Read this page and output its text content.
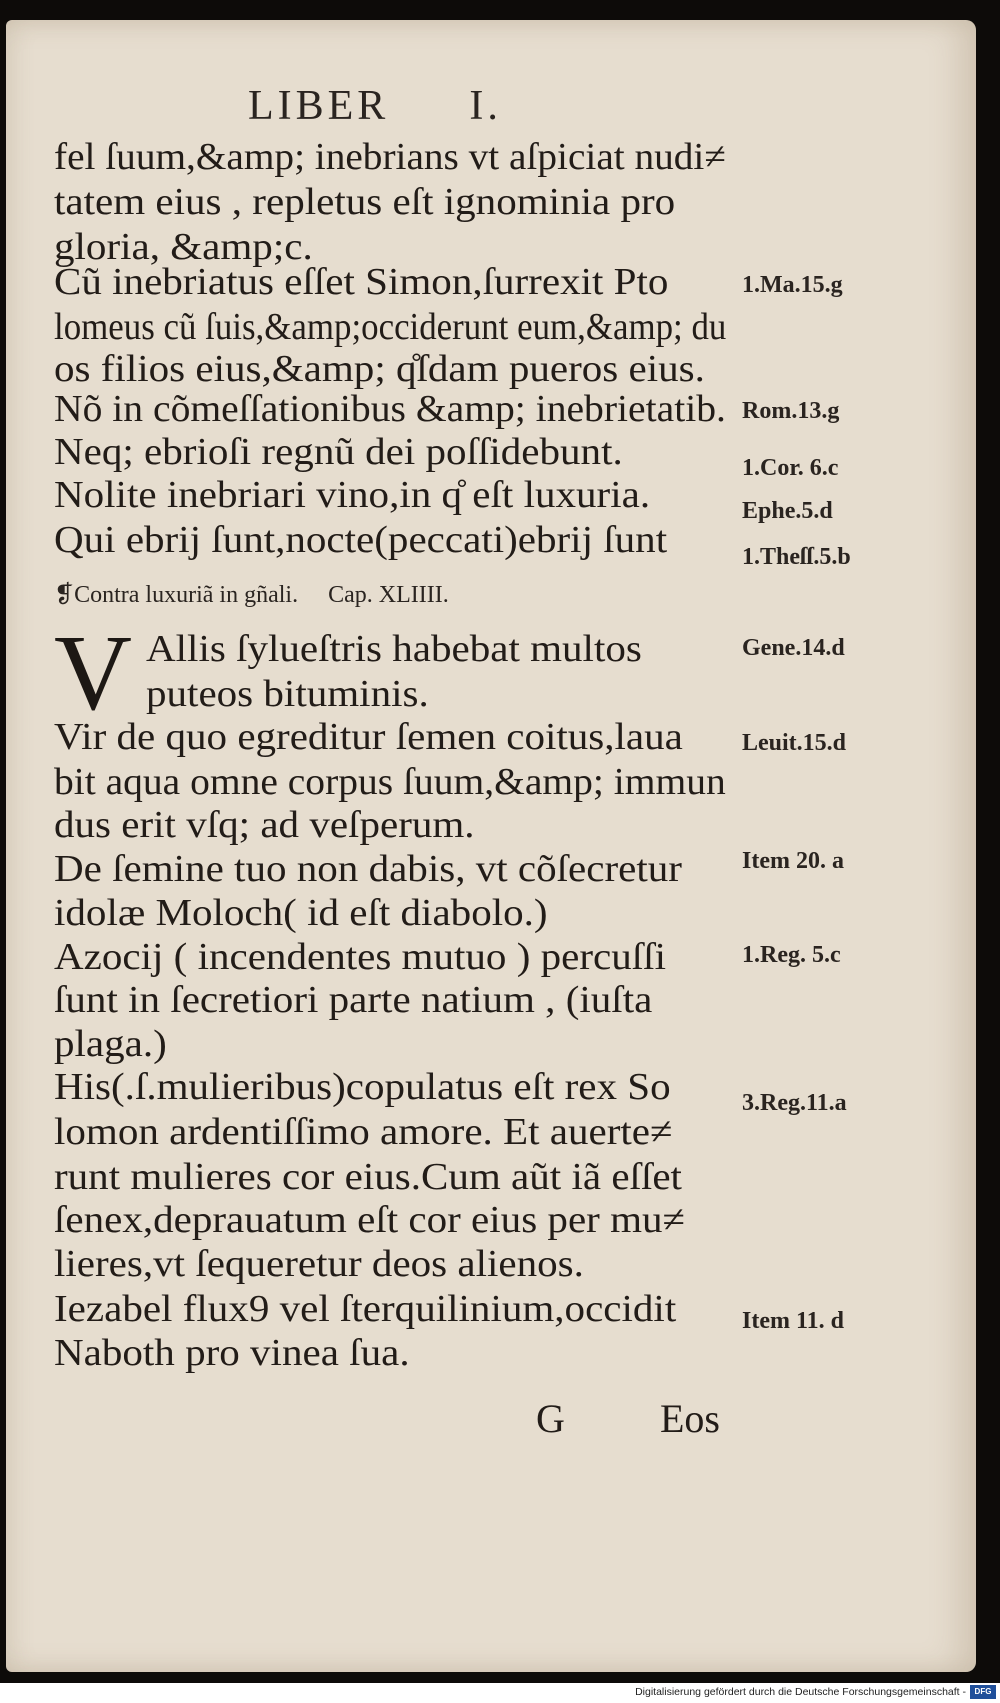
LIBER I.
fel ſuum,&amp; inebrians vt aſpiciat nudi≠
tatem eius , repletus eſt ignominia pro
gloria, &amp;c.
Cũ inebriatus eſſet Simon,ſurrexit Pto
lomeus cũ ſuis,&amp;occiderunt eum,&amp; du
os filios eius,&amp; q̊ſdam pueros eius.
Nõ in cõmeſſationibus &amp; inebrietatib.
Neq; ebrioſi regnũ dei poſſidebunt.
Nolite inebriari vino,in q̊ eſt luxuria.
Qui ebrij ſunt,nocte(peccati)ebrij ſunt
❡Contra luxuriã in gñali. Cap. XLIIII.
V Allis ſylueſtris habebat multos
puteos bituminis.
Vir de quo egreditur ſemen coitus,laua
bit aqua omne corpus ſuum,&amp; immun
dus erit vſq; ad veſperum.
De ſemine tuo non dabis, vt cõſecretur
idolæ Moloch( id eſt diabolo.)
Azocij ( incendentes mutuo ) percuſſi
ſunt in ſecretiori parte natium , (iuſta
plaga.)
His(.ſ.mulieribus)copulatus eſt rex So
lomon ardentiſſimo amore. Et auerte≠
runt mulieres cor eius.Cum aũt iã eſſet
ſenex,deprauatum eſt cor eius per mu≠
lieres,vt ſequeretur deos alienos.
Iezabel flux9 vel ſterquilinium,occidit
Naboth pro vinea ſua.
1.Ma.15.g
Rom.13.g
1.Cor. 6.c
Ephe.5.d
1.Theſſ.5.b
Gene.14.d
Leuit.15.d
Item 20. a
1.Reg. 5.c
3.Reg.11.a
Item 11. d
G Eos
Digitalisierung gefördert durch die Deutsche Forschungsgemeinschaft -	DFG
